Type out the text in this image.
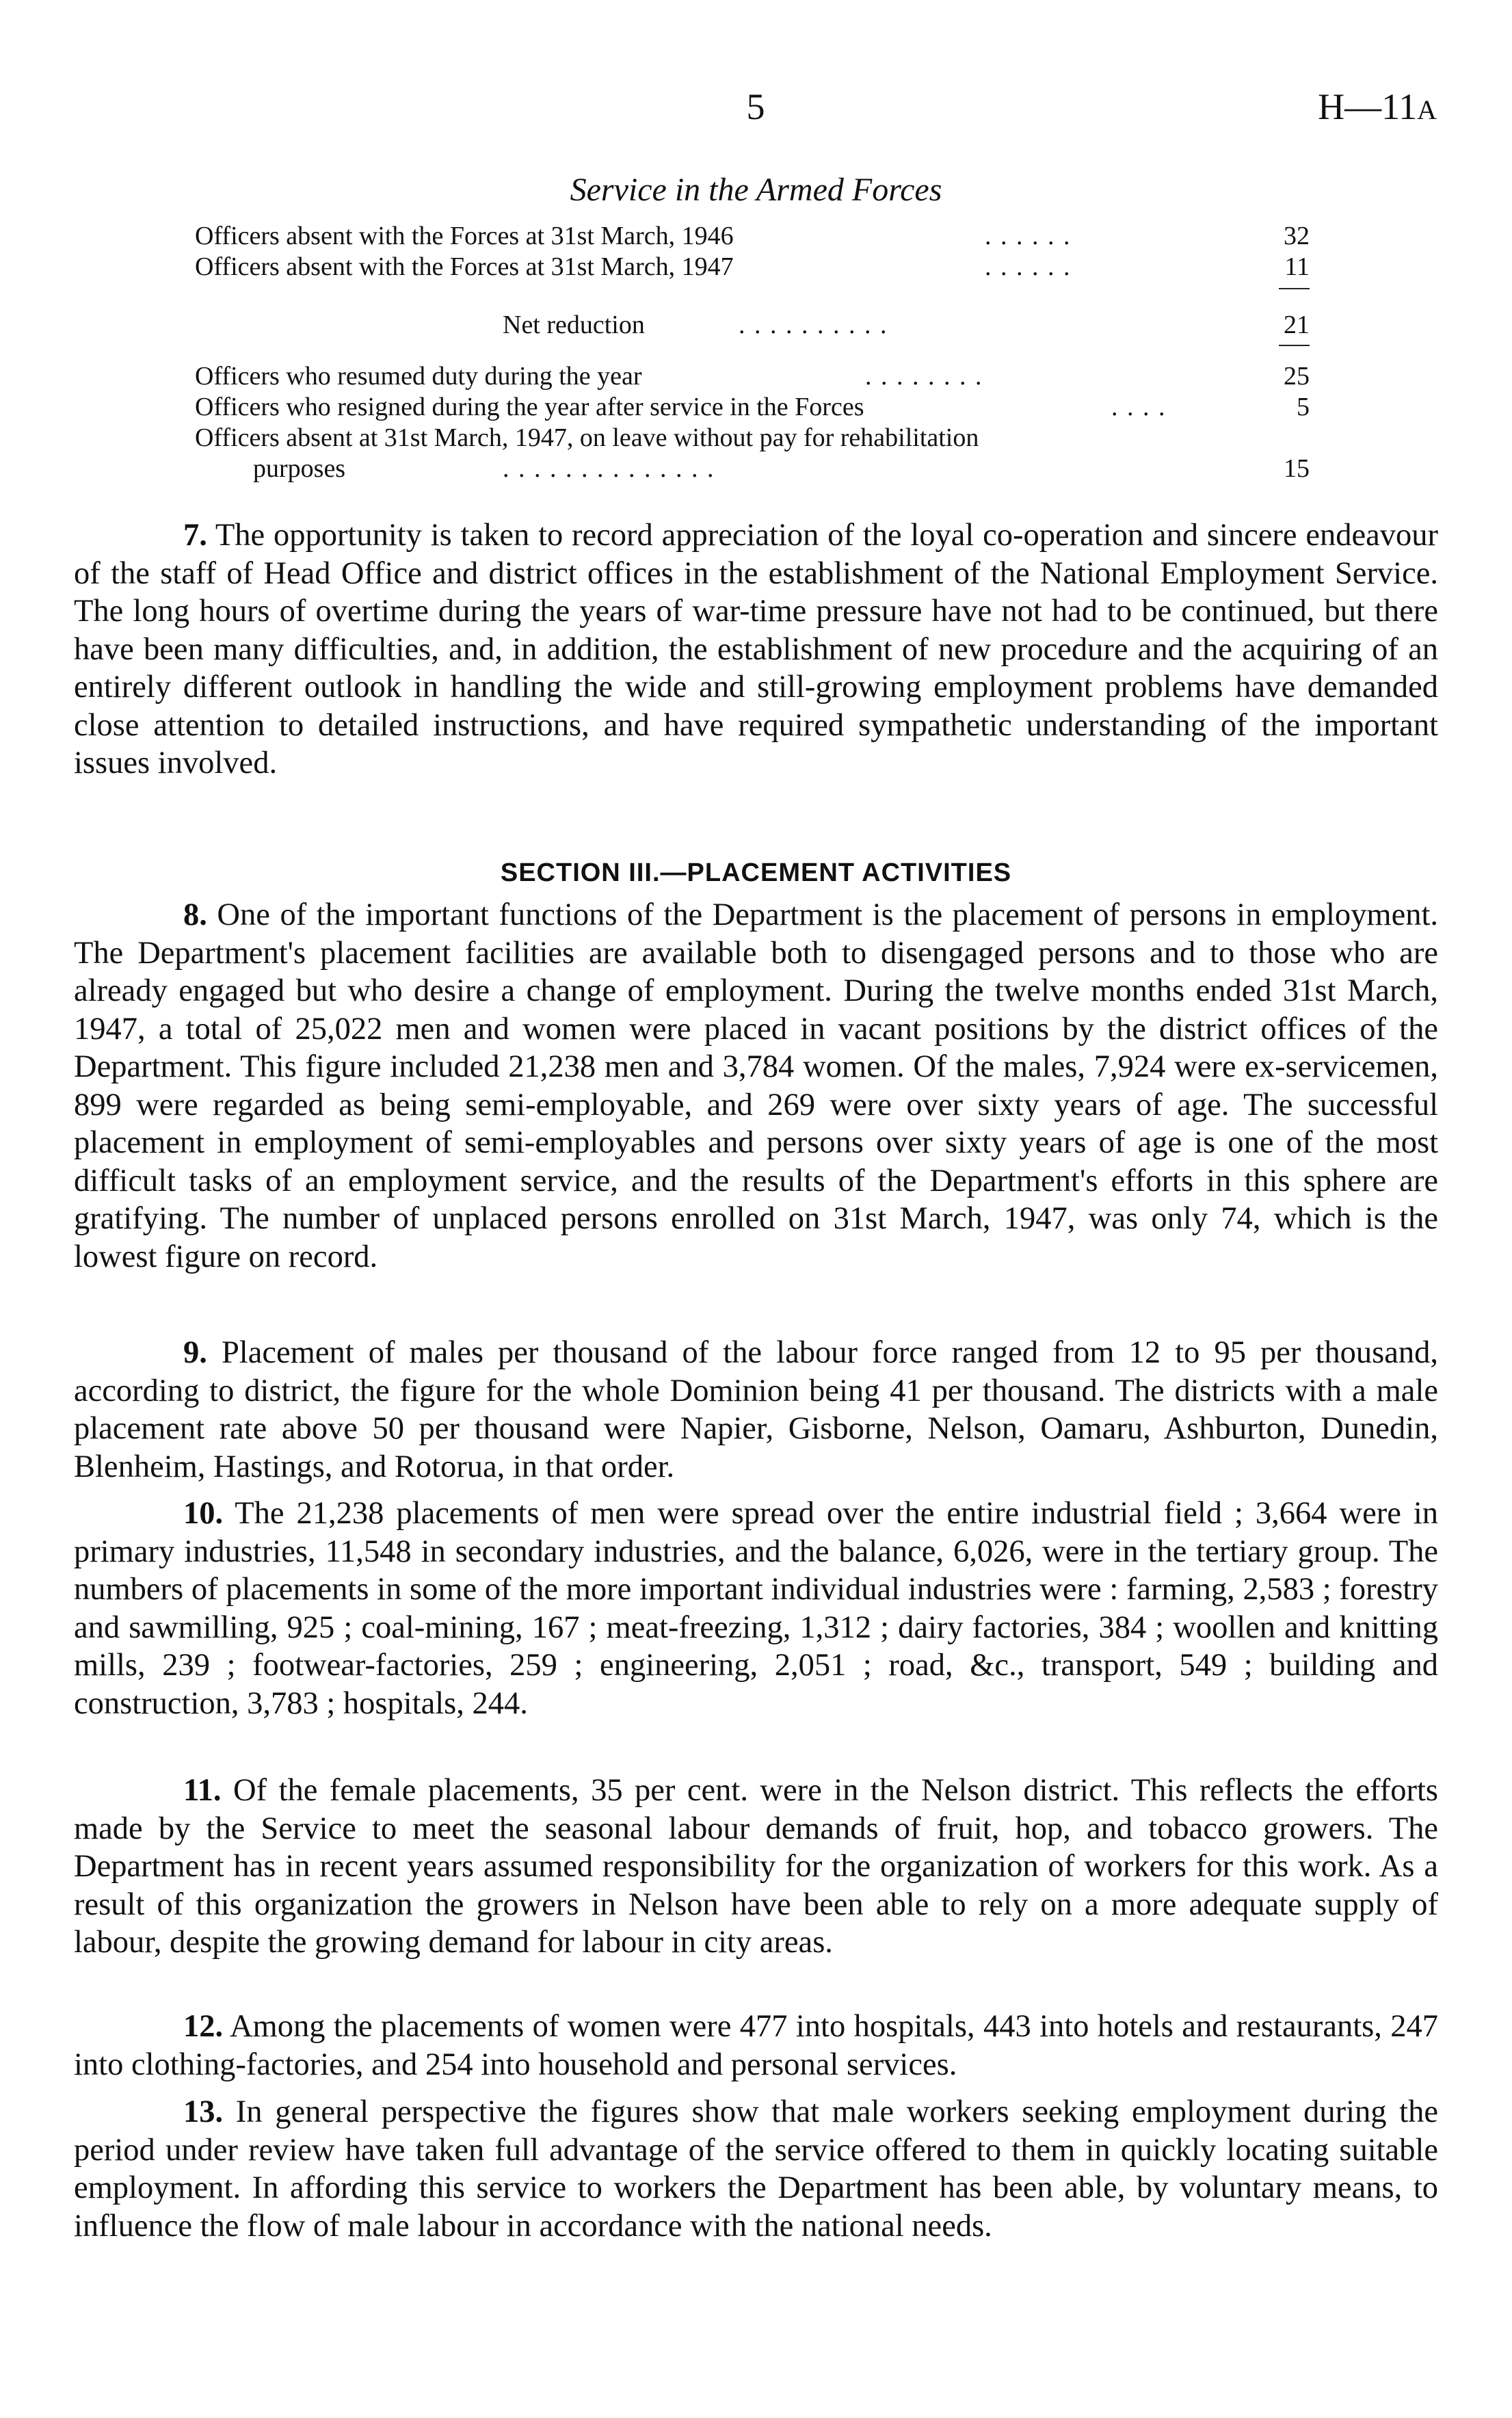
5	H—11A
Service in the Armed Forces
Officers absent with the Forces at 31st March, 1946	. . . . . .	32
Officers absent with the Forces at 31st March, 1947	. . . . . .	11
Net reduction	. . . . . . . . . .	21
Officers who resumed duty during the year	. . . . . . . .	25
Officers who resigned during the year after service in the Forces	. . . .	5
Officers absent at 31st March, 1947, on leave without pay for rehabilitation
purposes	. . . . . . . . . . . . . .	15

7. The opportunity is taken to record appreciation of the loyal co-operation and sincere endeavour of the staff of Head Office and district offices in the establishment of the National Employment Service. The long hours of overtime during the years of war-time pressure have not had to be continued, but there have been many difficulties, and, in addition, the establishment of new procedure and the acquiring of an entirely different outlook in handling the wide and still-growing employment problems have demanded close attention to detailed instructions, and have required sympathetic understanding of the important issues involved.

SECTION III.—PLACEMENT ACTIVITIES

8. One of the important functions of the Department is the placement of persons in employment. The Department's placement facilities are available both to disengaged persons and to those who are already engaged but who desire a change of employment. During the twelve months ended 31st March, 1947, a total of 25,022 men and women were placed in vacant positions by the district offices of the Department. This figure included 21,238 men and 3,784 women. Of the males, 7,924 were ex-servicemen, 899 were regarded as being semi-employable, and 269 were over sixty years of age. The successful placement in employment of semi-employables and persons over sixty years of age is one of the most difficult tasks of an employment service, and the results of the Department's efforts in this sphere are gratifying. The number of unplaced persons enrolled on 31st March, 1947, was only 74, which is the lowest figure on record.

9. Placement of males per thousand of the labour force ranged from 12 to 95 per thousand, according to district, the figure for the whole Dominion being 41 per thousand. The districts with a male placement rate above 50 per thousand were Napier, Gisborne, Nelson, Oamaru, Ashburton, Dunedin, Blenheim, Hastings, and Rotorua, in that order.

10. The 21,238 placements of men were spread over the entire industrial field ; 3,664 were in primary industries, 11,548 in secondary industries, and the balance, 6,026, were in the tertiary group. The numbers of placements in some of the more important individual industries were : farming, 2,583 ; forestry and sawmilling, 925 ; coal-mining, 167 ; meat-freezing, 1,312 ; dairy factories, 384 ; woollen and knitting mills, 239 ; footwear-factories, 259 ; engineering, 2,051 ; road, &c., transport, 549 ; building and construction, 3,783 ; hospitals, 244.

11. Of the female placements, 35 per cent. were in the Nelson district. This reflects the efforts made by the Service to meet the seasonal labour demands of fruit, hop, and tobacco growers. The Department has in recent years assumed responsibility for the organization of workers for this work. As a result of this organization the growers in Nelson have been able to rely on a more adequate supply of labour, despite the growing demand for labour in city areas.

12. Among the placements of women were 477 into hospitals, 443 into hotels and restaurants, 247 into clothing-factories, and 254 into household and personal services.

13. In general perspective the figures show that male workers seeking employment during the period under review have taken full advantage of the service offered to them in quickly locating suitable employment. In affording this service to workers the Department has been able, by voluntary means, to influence the flow of male labour in accordance with the national needs.
